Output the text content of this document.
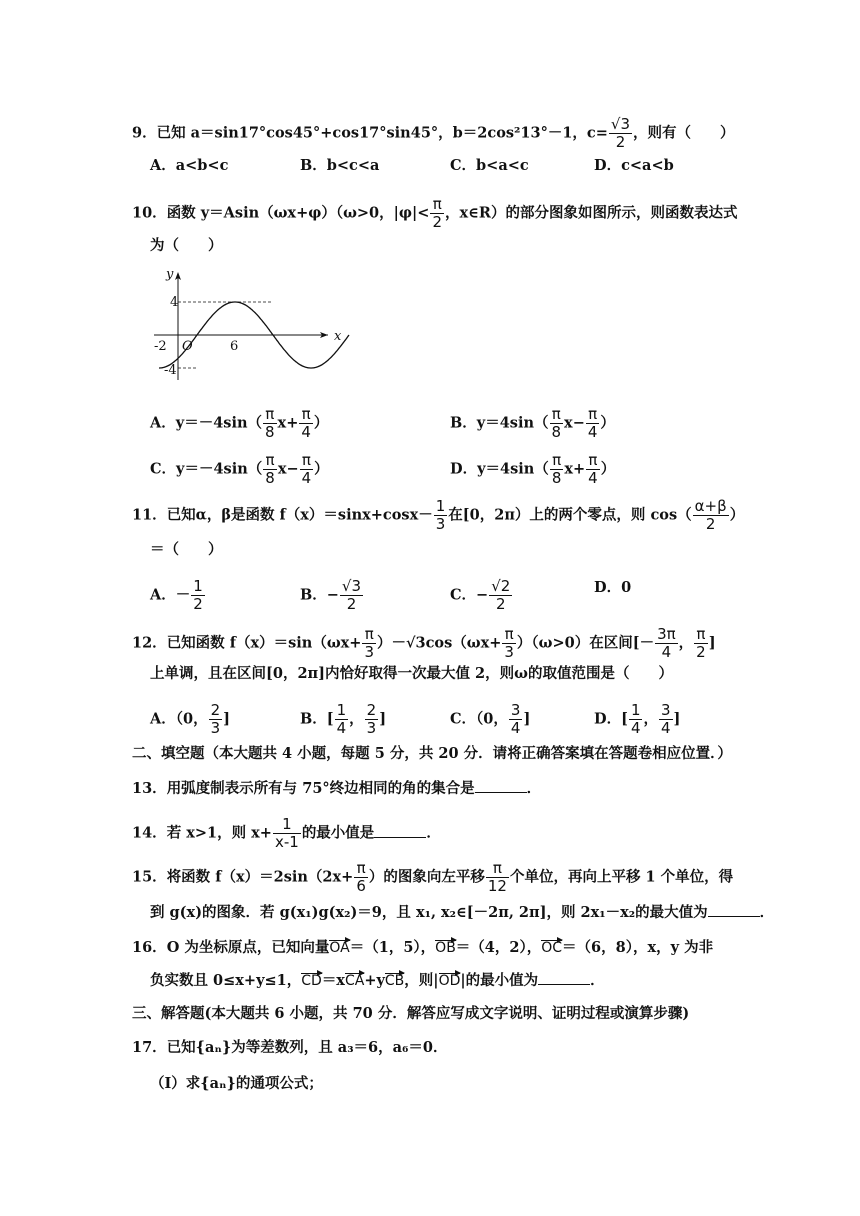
9．已知 a＝sin17°cos45°+cos17°sin45°，b＝2cos²13°－1，$c= \frac{√3}{2}$ ，则有（　　）
A．a<b<c	B．b<c<a	C．b<a<c	D．c<a<b
10．函数 y＝Asin（ωx+φ）（ω>0，$|\varphi|< \frac{\pi}{2}$ ，x∈R）的部分图象如图所示，则函数表达式
为（　　）
y
x
O
4
-4
-2	6
A．$y=-4\sin( \frac{\pi}{8} x+ \frac{\pi}{4}$ ）	B．$y=4\sin( \frac{\pi}{8} x- \frac{\pi}{4}$ ）
C．$y=-4\sin( \frac{\pi}{8} x- \frac{\pi}{4}$ ）	D．$y=4\sin( \frac{\pi}{8} x+ \frac{\pi}{4}$ ）
11．已知α，β是函数 $f(x)=\sin x+\cos x- \frac{1}{3}$ 在[0，2π）上的两个零点，则 $\cos( \frac{\alpha+\beta}{2}$ ）
＝（　　）
A．－ $\frac{1}{2}$	B．− $\frac{√3}{2}$	C．− $\frac{√2}{2}$	D．0
12．已知函数 $f(x)=\sin(\omega x+ \frac{\pi}{3} )-√3\cos(\omega x+ \frac{\pi}{3} )(\omega>0)$在区间[－ $\frac{3\pi}{4}$ ， $\frac{\pi}{2}$ ]
上单调，且在区间[0，2π]内恰好取得一次最大值 2，则ω的取值范围是（　　）
A．（0， $\frac{2}{3}$ ]	B．[ $\frac{1}{4}$ ， $\frac{2}{3}$ ]	C．（0， $\frac{3}{4}$ ]	D．[ $\frac{1}{4}$ ， $\frac{3}{4}$ ]
二、填空题（本大题共 4 小题，每题 5 分，共 20 分．请将正确答案填在答题卷相应位置．）
13．用弧度制表示所有与 75°终边相同的角的集合是	．
14．若 x>1，则 $x+ \frac{1}{x-1}$ 的最小值是	．
15．将函数 $f(x)=2\sin(2x+ \frac{\pi}{6}$ ）的图象向左平移 $\frac{\pi}{12}$ 个单位，再向上平移 1 个单位，得
到 g(x)的图象．若 g(x₁)g(x₂)＝9，且 x₁, x₂∈[－2π, 2π]，则 2x₁－x₂的最大值为	．
16．O 为坐标原点，已知向量OA＝（1，5），OB＝（4，2），OC＝（6，8），x，y 为非
负实数且 0≤x+y≤1，CD＝xCA+yCB，则|OD|的最小值为	．
三、解答题(本大题共 6 小题，共 70 分．解答应写成文字说明、证明过程或演算步骤)
17．已知{aₙ}为等差数列，且 a₃＝6，a₆＝0．
（Ⅰ）求{aₙ}的通项公式；
